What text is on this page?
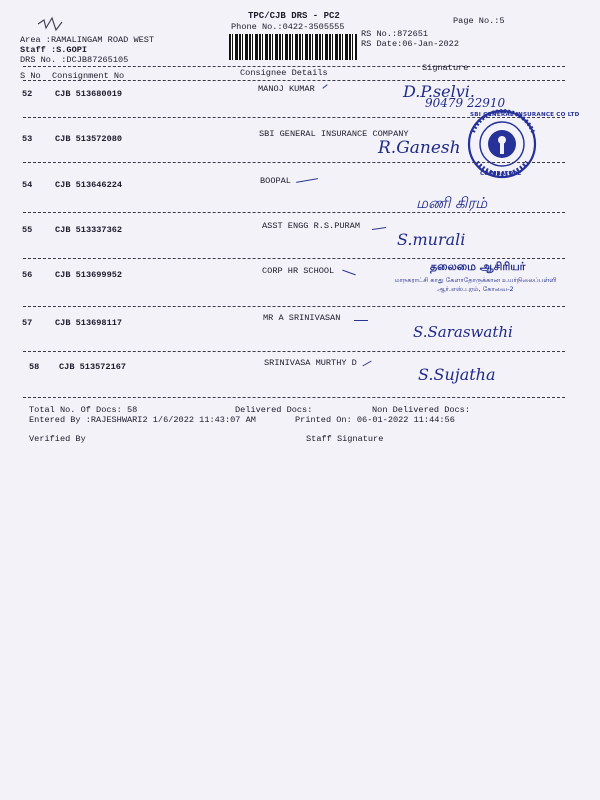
TPC/CJB DRS - PC2	Page No.:5
Phone No.:0422-3505555
Area :RAMALINGAM ROAD WEST
Staff :S.GOPI
DRS No. :DCJB87265105
RS No.:872651
RS Date:06-Jan-2022
S No Consignment No	Consignee Details	Signature
52	CJB 513680019	MANOJ KUMAR	D.P.selvi.
90479 22910
53	CJB 513572080	SBI GENERAL INSURANCE COMPANY
R.Ganesh
SBI GENERAL INSURANCE CO LTD
COIMBATORE
54	CJB 513646224	BOOPAL
மணி கிரம்
55	CJB 513337362	ASST ENGG R.S.PURAM
S.murali
56	CJB 513699952	CORP HR SCHOOL	தலைமை ஆசிரியர்
மாநகராட்சி காது கேளாதோருக்கான உயர்நிலைப்பள்ளி ஆர்.எஸ்.புரம், கோவை-2
57	CJB 513698117	MR A SRINIVASAN
S.Saraswathi
58 CJB 513572167	SRINIVASA MURTHY D
S.Sujatha
Total No. Of Docs: 58	Delivered Docs:	Non Delivered Docs:
Entered By :RAJESHWARI2 1/6/2022 11:43:07 AM	Printed On: 06-01-2022 11:44:56
Verified By	Staff Signature
